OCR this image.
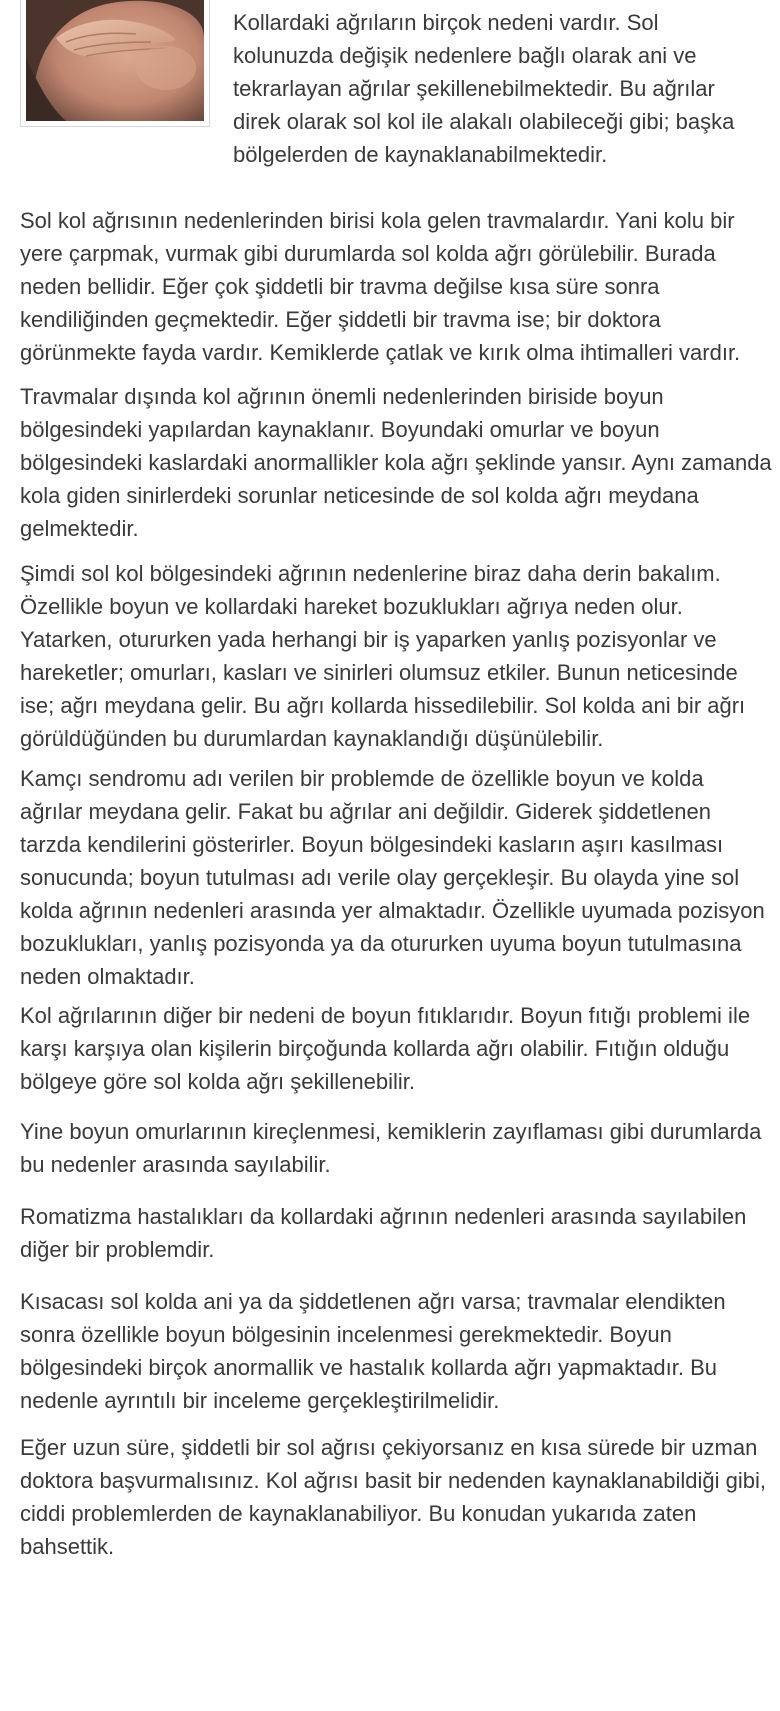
Kollardaki ağrıların birçok nedeni vardır. Sol kolunuzda değişik nedenlere bağlı olarak ani ve tekrarlayan ağrılar şekillenebilmektedir. Bu ağrılar direk olarak sol kol ile alakalı olabileceği gibi; başka bölgelerden de kaynaklanabilmektedir.

Sol kol ağrısının nedenlerinden birisi kola gelen travmalardır. Yani kolu bir yere çarpmak, vurmak gibi durumlarda sol kolda ağrı görülebilir. Burada neden bellidir. Eğer çok şiddetli bir travma değilse kısa süre sonra kendiliğinden geçmektedir. Eğer şiddetli bir travma ise; bir doktora görünmekte fayda vardır. Kemiklerde çatlak ve kırık olma ihtimalleri vardır.

Travmalar dışında kol ağrının önemli nedenlerinden biriside boyun bölgesindeki yapılardan kaynaklanır. Boyundaki omurlar ve boyun bölgesindeki kaslardaki anormallikler kola ağrı şeklinde yansır. Aynı zamanda kola giden sinirlerdeki sorunlar neticesinde de sol kolda ağrı meydana gelmektedir.

Şimdi sol kol bölgesindeki ağrının nedenlerine biraz daha derin bakalım. Özellikle boyun ve kollardaki hareket bozuklukları ağrıya neden olur. Yatarken, otururken yada herhangi bir iş yaparken yanlış pozisyonlar ve hareketler; omurları, kasları ve sinirleri olumsuz etkiler. Bunun neticesinde ise; ağrı meydana gelir. Bu ağrı kollarda hissedilebilir. Sol kolda ani bir ağrı görüldüğünden bu durumlardan kaynaklandığı düşünülebilir.

Kamçı sendromu adı verilen bir problemde de özellikle boyun ve kolda ağrılar meydana gelir. Fakat bu ağrılar ani değildir. Giderek şiddetlenen tarzda kendilerini gösterirler. Boyun bölgesindeki kasların aşırı kasılması sonucunda; boyun tutulması adı verile olay gerçekleşir. Bu olayda yine sol kolda ağrının nedenleri arasında yer almaktadır. Özellikle uyumada pozisyon bozuklukları, yanlış pozisyonda ya da otururken uyuma boyun tutulmasına neden olmaktadır.

Kol ağrılarının diğer bir nedeni de boyun fıtıklarıdır. Boyun fıtığı problemi ile karşı karşıya olan kişilerin birçoğunda kollarda ağrı olabilir. Fıtığın olduğu bölgeye göre sol kolda ağrı şekillenebilir.

Yine boyun omurlarının kireçlenmesi, kemiklerin zayıflaması gibi durumlarda bu nedenler arasında sayılabilir.

Romatizma hastalıkları da kollardaki ağrının nedenleri arasında sayılabilen diğer bir problemdir.

Kısacası sol kolda ani ya da şiddetlenen ağrı varsa; travmalar elendikten sonra özellikle boyun bölgesinin incelenmesi gerekmektedir. Boyun bölgesindeki birçok anormallik ve hastalık kollarda ağrı yapmaktadır. Bu nedenle ayrıntılı bir inceleme gerçekleştirilmelidir.

Eğer uzun süre, şiddetli bir sol ağrısı çekiyorsanız en kısa sürede bir uzman doktora başvurmalısınız. Kol ağrısı basit bir nedenden kaynaklanabildiği gibi, ciddi problemlerden de kaynaklanabiliyor. Bu konudan yukarıda zaten bahsettik.
